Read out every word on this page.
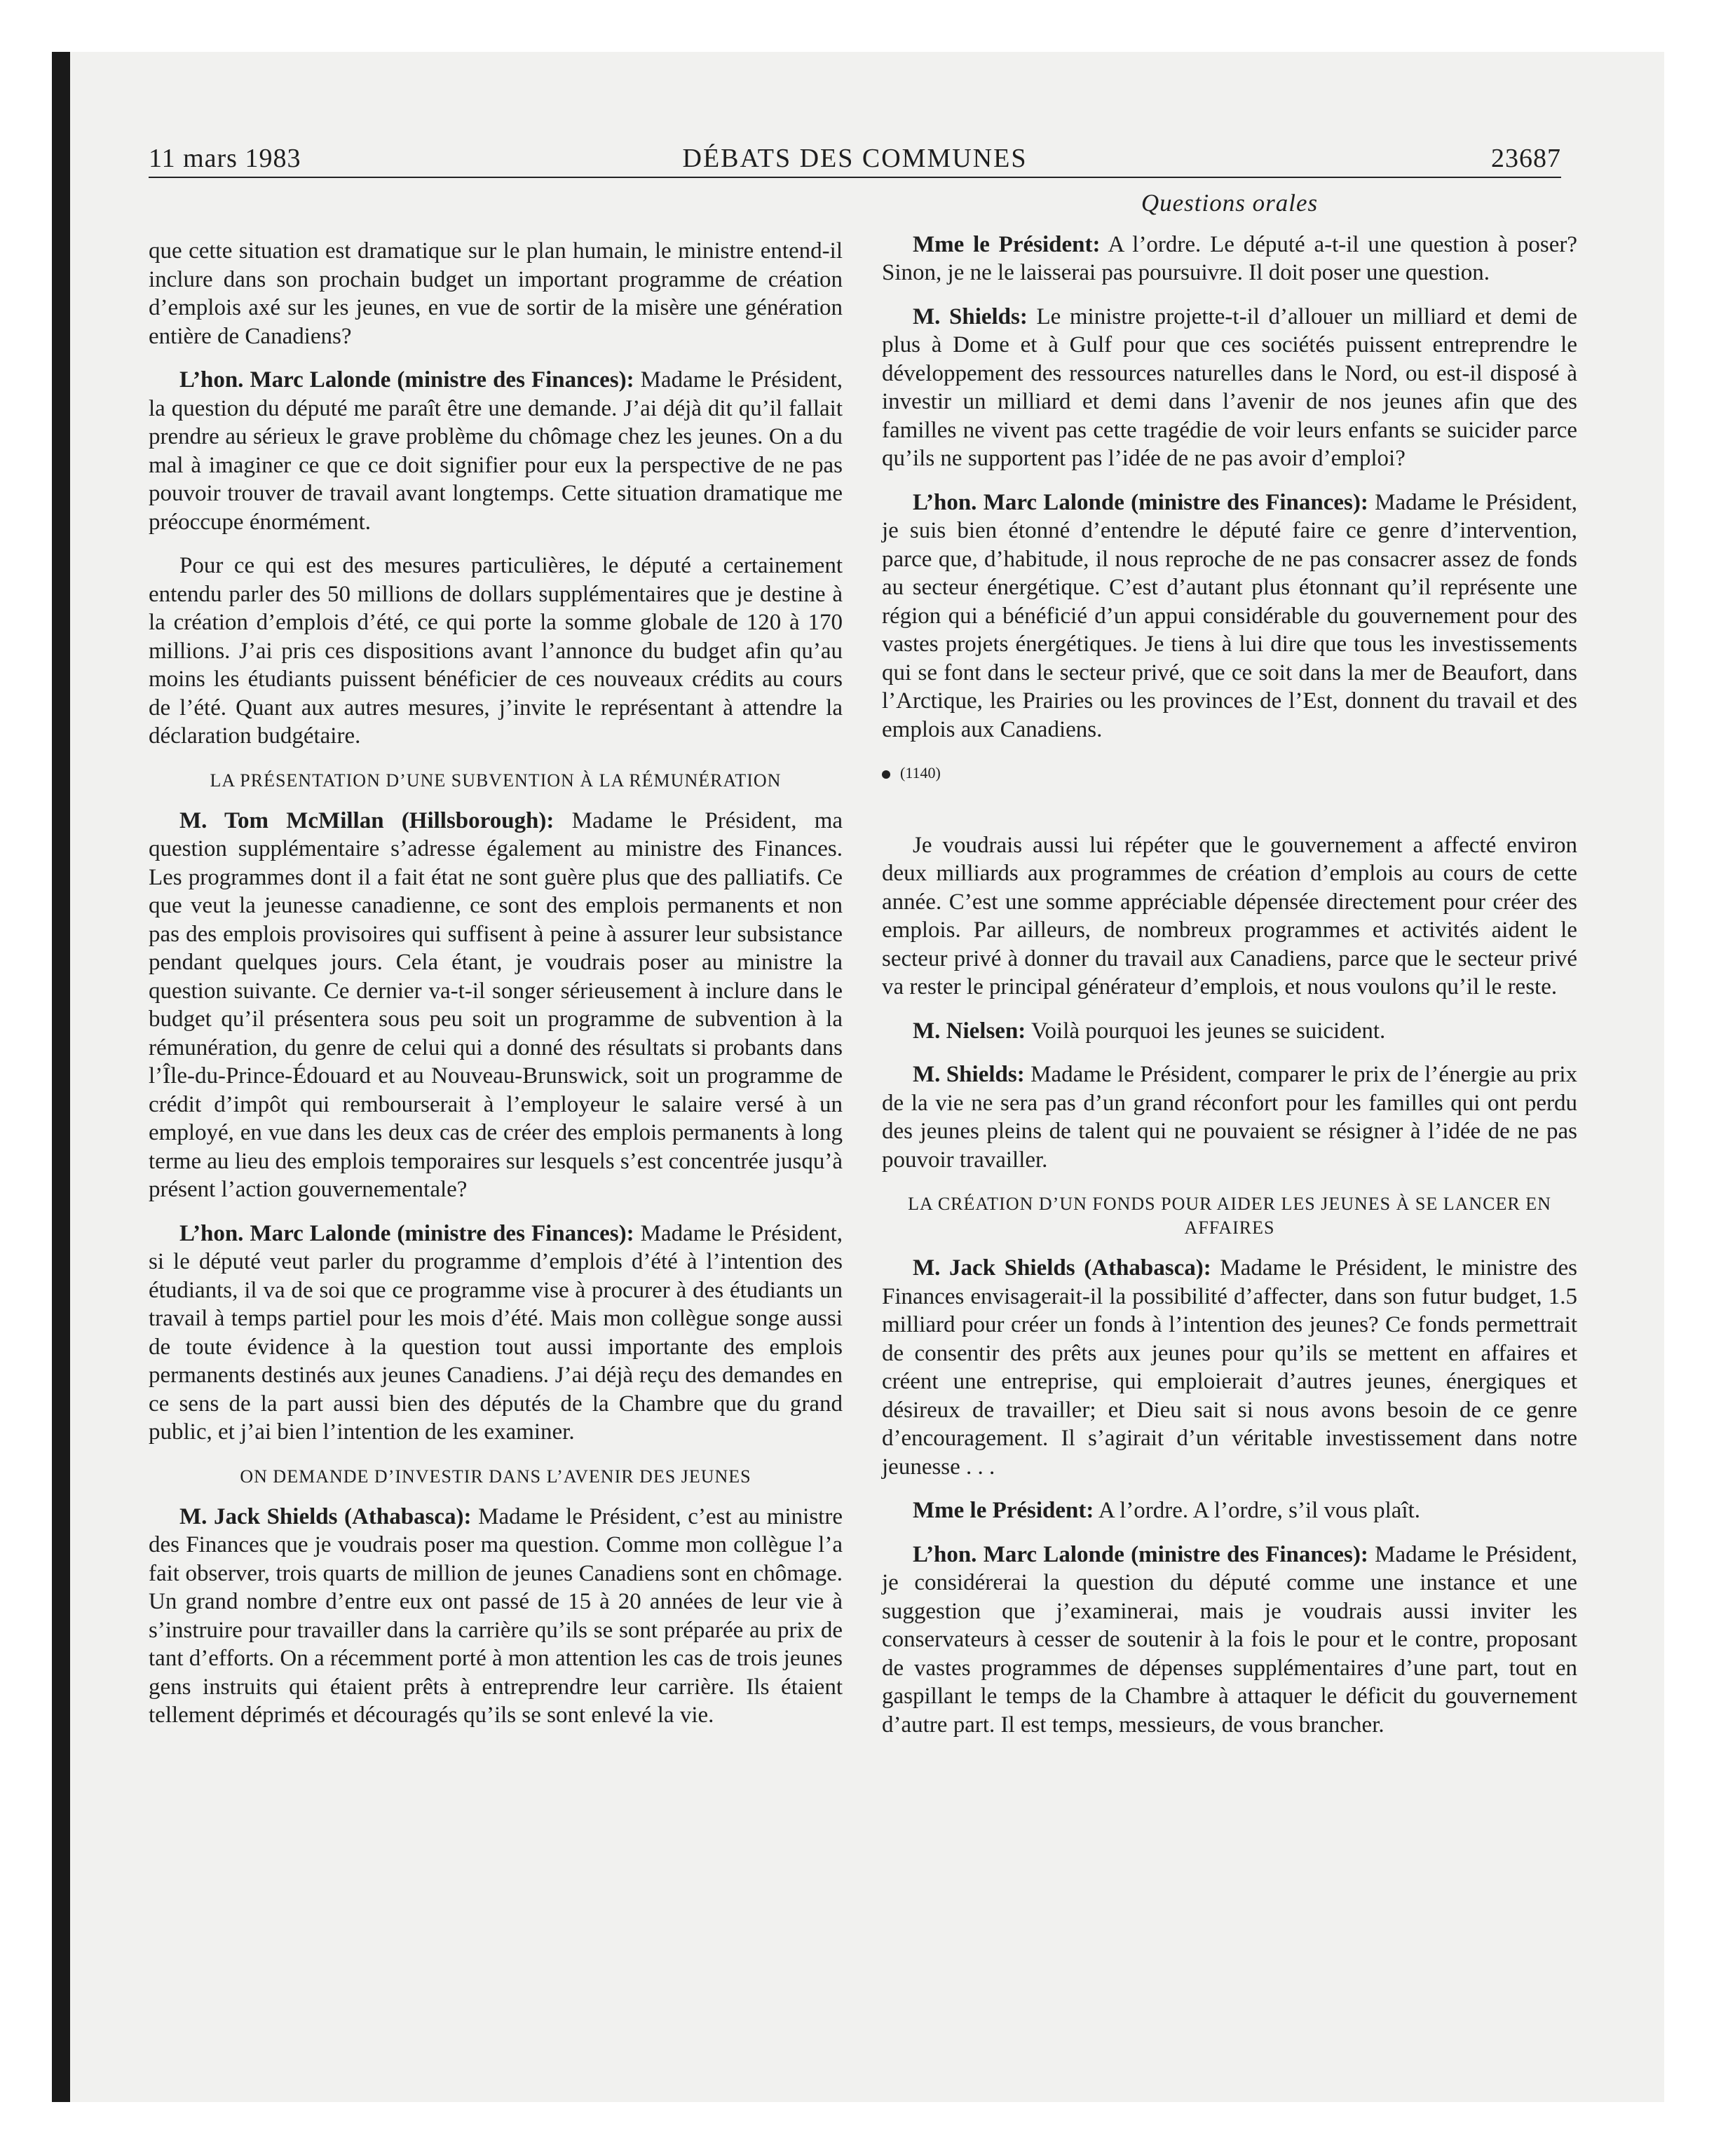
11 mars 1983	DÉBATS DES COMMUNES	23687

que cette situation est dramatique sur le plan humain, le ministre entend-il inclure dans son prochain budget un important programme de création d’emplois axé sur les jeunes, en vue de sortir de la misère une génération entière de Canadiens?

L’hon. Marc Lalonde (ministre des Finances): Madame le Président, la question du député me paraît être une demande. J’ai déjà dit qu’il fallait prendre au sérieux le grave problème du chômage chez les jeunes. On a du mal à imaginer ce que ce doit signifier pour eux la perspective de ne pas pouvoir trouver de travail avant longtemps. Cette situation dramatique me préoccupe énormément.

Pour ce qui est des mesures particulières, le député a certainement entendu parler des 50 millions de dollars supplémentaires que je destine à la création d’emplois d’été, ce qui porte la somme globale de 120 à 170 millions. J’ai pris ces dispositions avant l’annonce du budget afin qu’au moins les étudiants puissent bénéficier de ces nouveaux crédits au cours de l’été. Quant aux autres mesures, j’invite le représentant à attendre la déclaration budgétaire.

LA PRÉSENTATION D’UNE SUBVENTION À LA RÉMUNÉRATION

M. Tom McMillan (Hillsborough): Madame le Président, ma question supplémentaire s’adresse également au ministre des Finances. Les programmes dont il a fait état ne sont guère plus que des palliatifs. Ce que veut la jeunesse canadienne, ce sont des emplois permanents et non pas des emplois provisoires qui suffisent à peine à assurer leur subsistance pendant quelques jours. Cela étant, je voudrais poser au ministre la question suivante. Ce dernier va-t-il songer sérieusement à inclure dans le budget qu’il présentera sous peu soit un programme de subvention à la rémunération, du genre de celui qui a donné des résultats si probants dans l’Île-du-Prince-Édouard et au Nouveau-Brunswick, soit un programme de crédit d’impôt qui rembourserait à l’employeur le salaire versé à un employé, en vue dans les deux cas de créer des emplois permanents à long terme au lieu des emplois temporaires sur lesquels s’est concentrée jusqu’à présent l’action gouvernementale?

L’hon. Marc Lalonde (ministre des Finances): Madame le Président, si le député veut parler du programme d’emplois d’été à l’intention des étudiants, il va de soi que ce programme vise à procurer à des étudiants un travail à temps partiel pour les mois d’été. Mais mon collègue songe aussi de toute évidence à la question tout aussi importante des emplois permanents destinés aux jeunes Canadiens. J’ai déjà reçu des demandes en ce sens de la part aussi bien des députés de la Chambre que du grand public, et j’ai bien l’intention de les examiner.

ON DEMANDE D’INVESTIR DANS L’AVENIR DES JEUNES

M. Jack Shields (Athabasca): Madame le Président, c’est au ministre des Finances que je voudrais poser ma question. Comme mon collègue l’a fait observer, trois quarts de million de jeunes Canadiens sont en chômage. Un grand nombre d’entre eux ont passé de 15 à 20 années de leur vie à s’instruire pour travailler dans la carrière qu’ils se sont préparée au prix de tant d’efforts. On a récemment porté à mon attention les cas de trois jeunes gens instruits qui étaient prêts à entreprendre leur carrière. Ils étaient tellement déprimés et découragés qu’ils se sont enlevé la vie.

Questions orales

Mme le Président: A l’ordre. Le député a-t-il une question à poser? Sinon, je ne le laisserai pas poursuivre. Il doit poser une question.

M. Shields: Le ministre projette-t-il d’allouer un milliard et demi de plus à Dome et à Gulf pour que ces sociétés puissent entreprendre le développement des ressources naturelles dans le Nord, ou est-il disposé à investir un milliard et demi dans l’avenir de nos jeunes afin que des familles ne vivent pas cette tragédie de voir leurs enfants se suicider parce qu’ils ne supportent pas l’idée de ne pas avoir d’emploi?

L’hon. Marc Lalonde (ministre des Finances): Madame le Président, je suis bien étonné d’entendre le député faire ce genre d’intervention, parce que, d’habitude, il nous reproche de ne pas consacrer assez de fonds au secteur énergétique. C’est d’autant plus étonnant qu’il représente une région qui a bénéficié d’un appui considérable du gouvernement pour des vastes projets énergétiques. Je tiens à lui dire que tous les investissements qui se font dans le secteur privé, que ce soit dans la mer de Beaufort, dans l’Arctique, les Prairies ou les provinces de l’Est, donnent du travail et des emplois aux Canadiens.

(1140)

Je voudrais aussi lui répéter que le gouvernement a affecté environ deux milliards aux programmes de création d’emplois au cours de cette année. C’est une somme appréciable dépensée directement pour créer des emplois. Par ailleurs, de nombreux programmes et activités aident le secteur privé à donner du travail aux Canadiens, parce que le secteur privé va rester le principal générateur d’emplois, et nous voulons qu’il le reste.

M. Nielsen: Voilà pourquoi les jeunes se suicident.

M. Shields: Madame le Président, comparer le prix de l’énergie au prix de la vie ne sera pas d’un grand réconfort pour les familles qui ont perdu des jeunes pleins de talent qui ne pouvaient se résigner à l’idée de ne pas pouvoir travailler.

LA CRÉATION D’UN FONDS POUR AIDER LES JEUNES À SE LANCER EN AFFAIRES

M. Jack Shields (Athabasca): Madame le Président, le ministre des Finances envisagerait-il la possibilité d’affecter, dans son futur budget, 1.5 milliard pour créer un fonds à l’intention des jeunes? Ce fonds permettrait de consentir des prêts aux jeunes pour qu’ils se mettent en affaires et créent une entreprise, qui emploierait d’autres jeunes, énergiques et désireux de travailler; et Dieu sait si nous avons besoin de ce genre d’encouragement. Il s’agirait d’un véritable investissement dans notre jeunesse . . .

Mme le Président: A l’ordre. A l’ordre, s’il vous plaît.

L’hon. Marc Lalonde (ministre des Finances): Madame le Président, je considérerai la question du député comme une instance et une suggestion que j’examinerai, mais je voudrais aussi inviter les conservateurs à cesser de soutenir à la fois le pour et le contre, proposant de vastes programmes de dépenses supplémentaires d’une part, tout en gaspillant le temps de la Chambre à attaquer le déficit du gouvernement d’autre part. Il est temps, messieurs, de vous brancher.
